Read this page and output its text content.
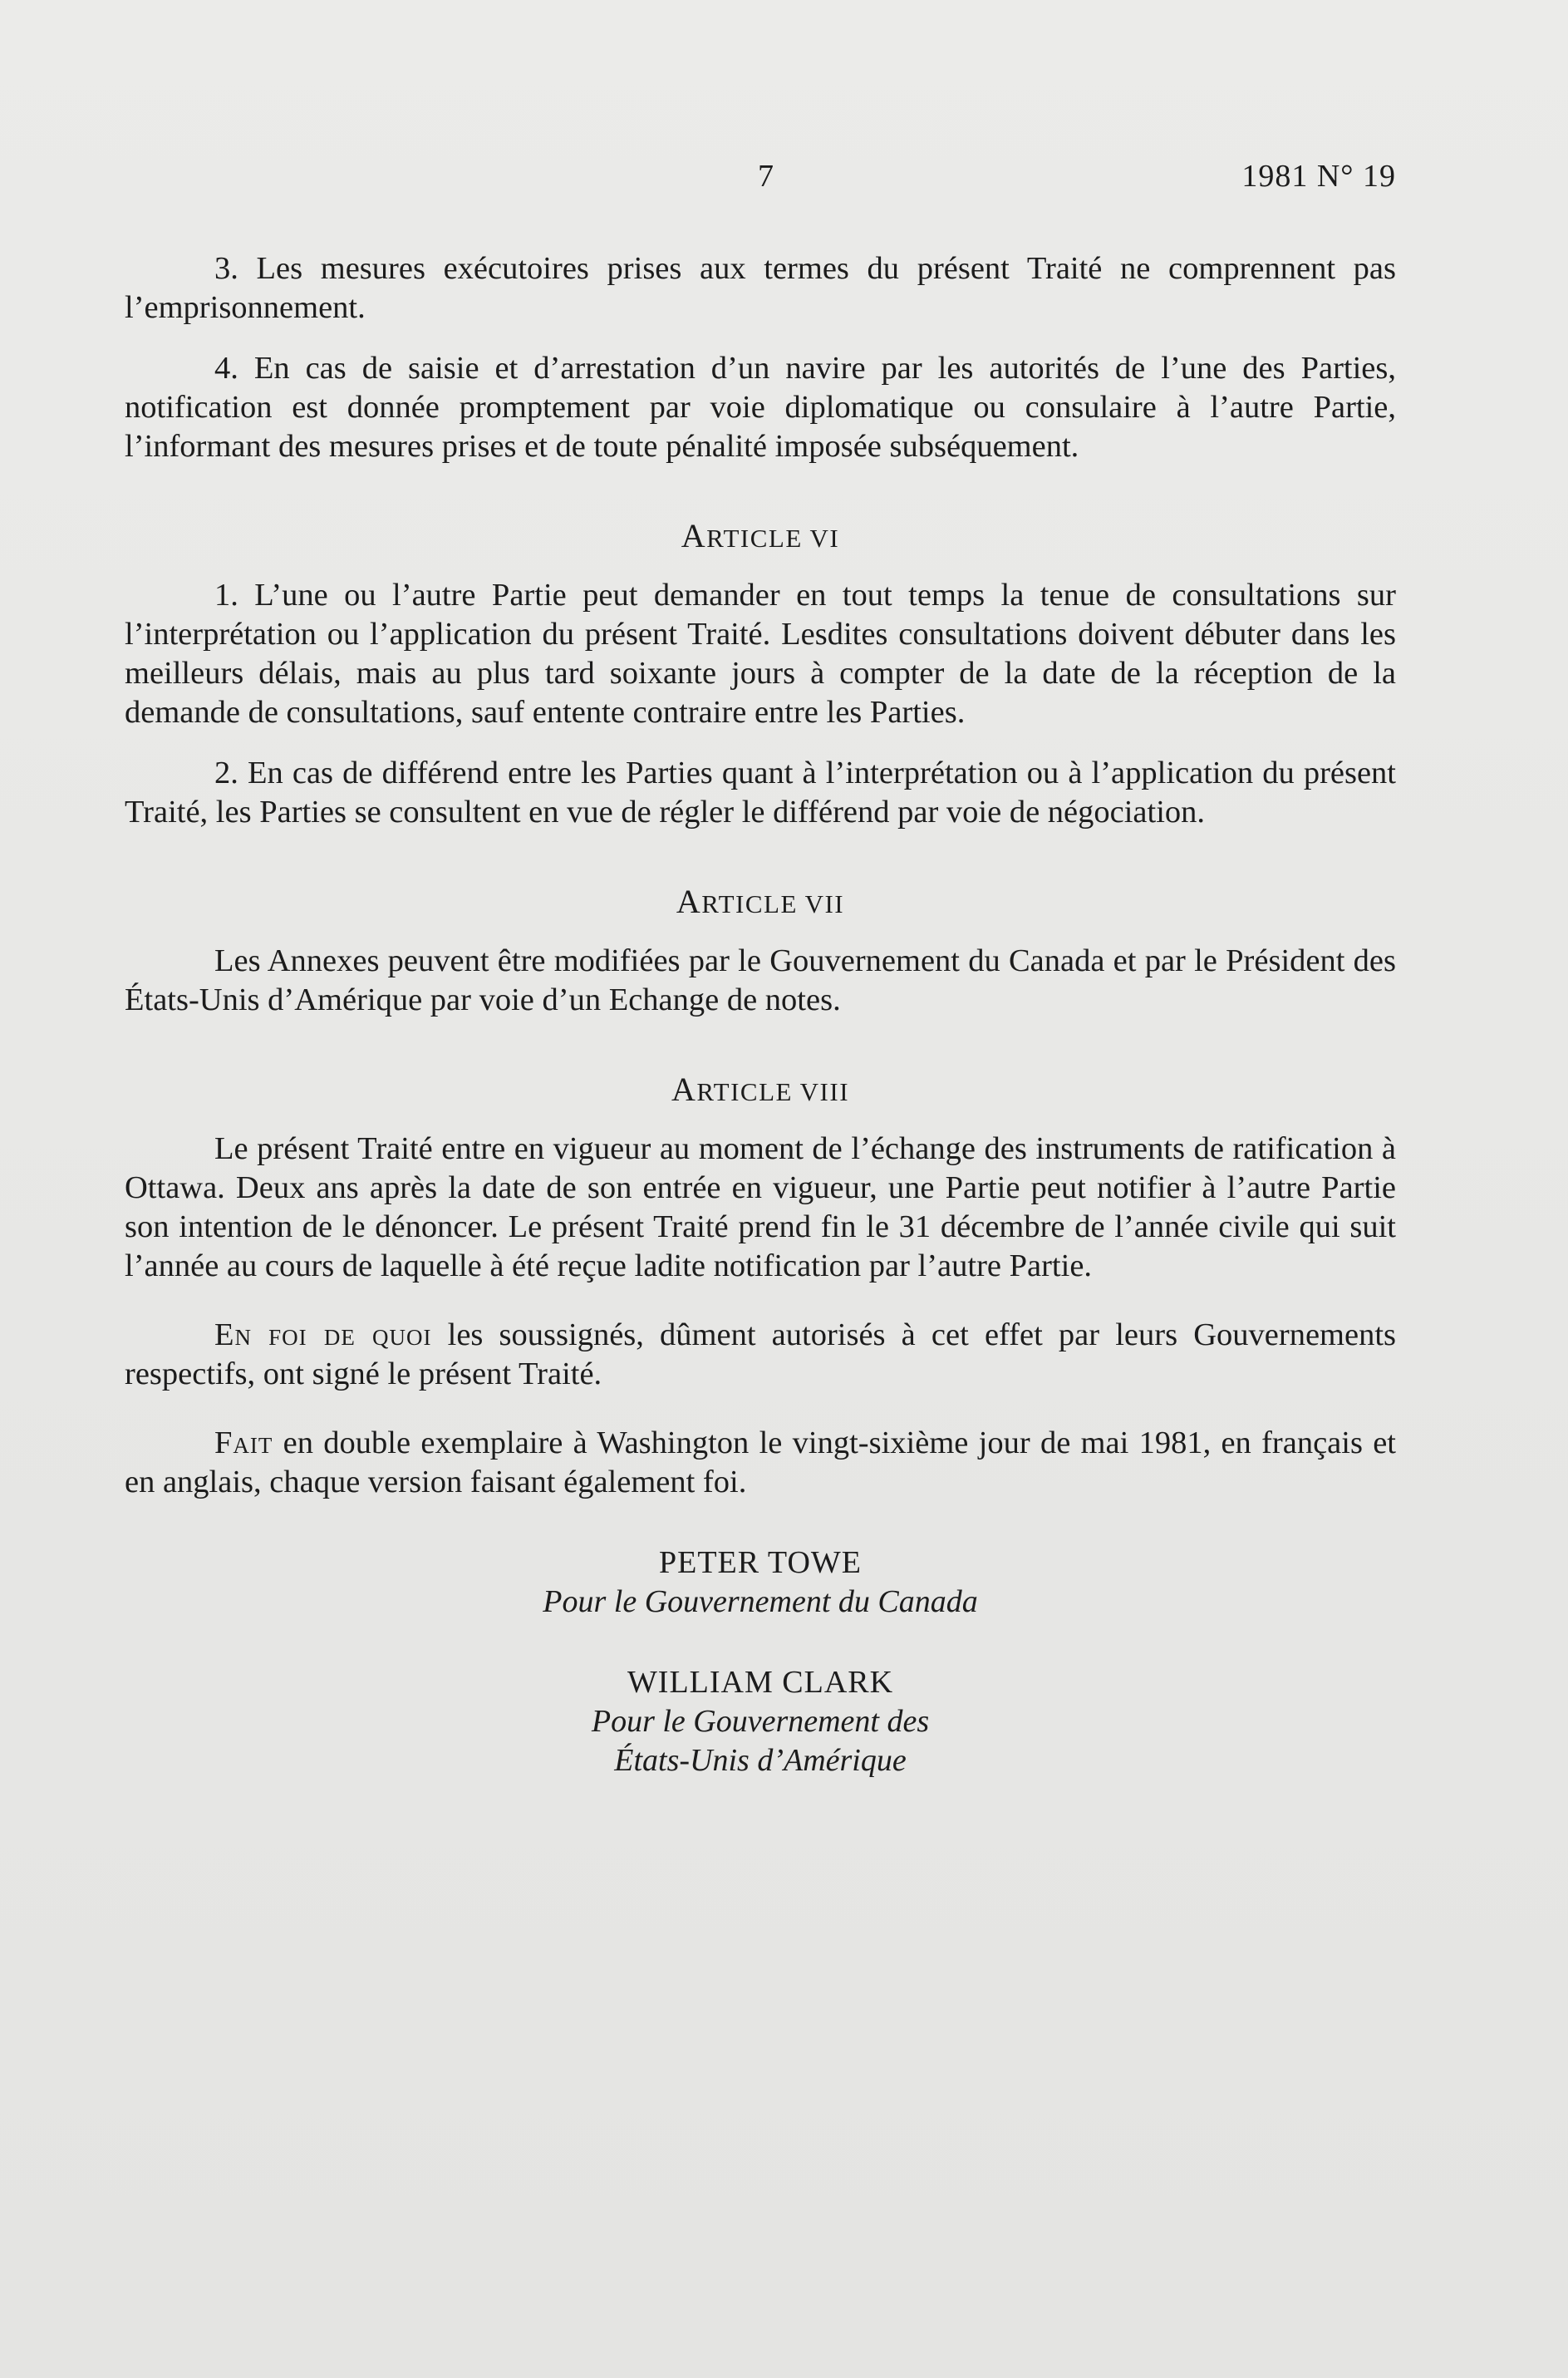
7	1981 N° 19

3. Les mesures exécutoires prises aux termes du présent Traité ne comprennent pas l’emprisonnement.

4. En cas de saisie et d’arrestation d’un navire par les autorités de l’une des Parties, notification est donnée promptement par voie diplomatique ou consulaire à l’autre Partie, l’informant des mesures prises et de toute pénalité imposée subséquement.

ARTICLE VI

1. L’une ou l’autre Partie peut demander en tout temps la tenue de consultations sur l’interprétation ou l’application du présent Traité. Lesdites consultations doivent débuter dans les meilleurs délais, mais au plus tard soixante jours à compter de la date de la réception de la demande de consultations, sauf entente contraire entre les Parties.

2. En cas de différend entre les Parties quant à l’interprétation ou à l’application du présent Traité, les Parties se consultent en vue de régler le différend par voie de négociation.

ARTICLE VII

Les Annexes peuvent être modifiées par le Gouvernement du Canada et par le Président des États-Unis d’Amérique par voie d’un Echange de notes.

ARTICLE VIII

Le présent Traité entre en vigueur au moment de l’échange des instruments de ratification à Ottawa. Deux ans après la date de son entrée en vigueur, une Partie peut notifier à l’autre Partie son intention de le dénoncer. Le présent Traité prend fin le 31 décembre de l’année civile qui suit l’année au cours de laquelle à été reçue ladite notification par l’autre Partie.

En foi de quoi les soussignés, dûment autorisés à cet effet par leurs Gouvernements respectifs, ont signé le présent Traité.

Fait en double exemplaire à Washington le vingt-sixième jour de mai 1981, en français et en anglais, chaque version faisant également foi.

PETER TOWE

Pour le Gouvernement du Canada

WILLIAM CLARK

Pour le Gouvernement des

États-Unis d’Amérique
